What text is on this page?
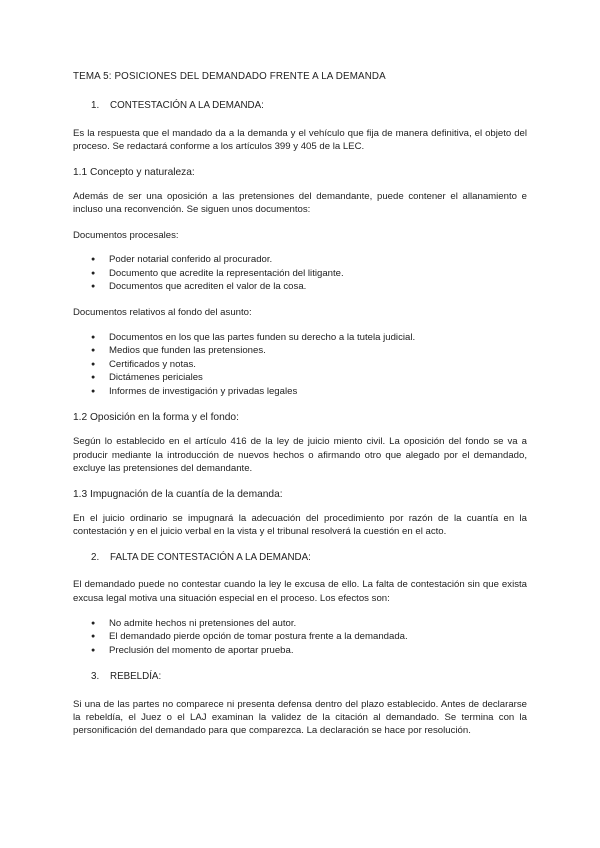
TEMA 5: POSICIONES DEL DEMANDADO FRENTE A LA DEMANDA
1.	CONTESTACIÓN A LA DEMANDA:

Es la respuesta que el mandado da a la demanda y el vehículo que fija de manera definitiva, el objeto del proceso. Se redactará conforme a los artículos 399 y 405 de la LEC.

1.1 Concepto y naturaleza:

Además de ser una oposición a las pretensiones del demandante, puede contener el allanamiento e incluso una reconvención. Se siguen unos documentos:

Documentos procesales:
● Poder notarial conferido al procurador.
● Documento que acredite la representación del litigante.
● Documentos que acrediten el valor de la cosa.
Documentos relativos al fondo del asunto:
● Documentos en los que las partes funden su derecho a la tutela judicial.
● Medios que funden las pretensiones.
● Certificados y notas.
● Dictámenes periciales
● Informes de investigación y privadas legales
1.2 Oposición en la forma y el fondo:

Según lo establecido en el artículo 416 de la ley de juicio miento civil. La oposición del fondo se va a producir mediante la introducción de nuevos hechos o afirmando otro que alegado por el demandado, excluye las pretensiones del demandante.

1.3 Impugnación de la cuantía de la demanda:

En el juicio ordinario se impugnará la adecuación del procedimiento por razón de la cuantía en la contestación y en el juicio verbal en la vista y el tribunal resolverá la cuestión en el acto.

2.	FALTA DE CONTESTACIÓN A LA DEMANDA:

El demandado puede no contestar cuando la ley le excusa de ello. La falta de contestación sin que exista excusa legal motiva una situación especial en el proceso. Los efectos son:

● No admite hechos ni pretensiones del autor.
● El demandado pierde opción de tomar postura frente a la demandada.
● Preclusión del momento de aportar prueba.
3.	REBELDÍA:

Si una de las partes no comparece ni presenta defensa dentro del plazo establecido. Antes de declararse la rebeldía, el Juez o el LAJ examinan la validez de la citación al demandado. Se termina con la personificación del demandado para que comparezca. La declaración se hace por resolución.
